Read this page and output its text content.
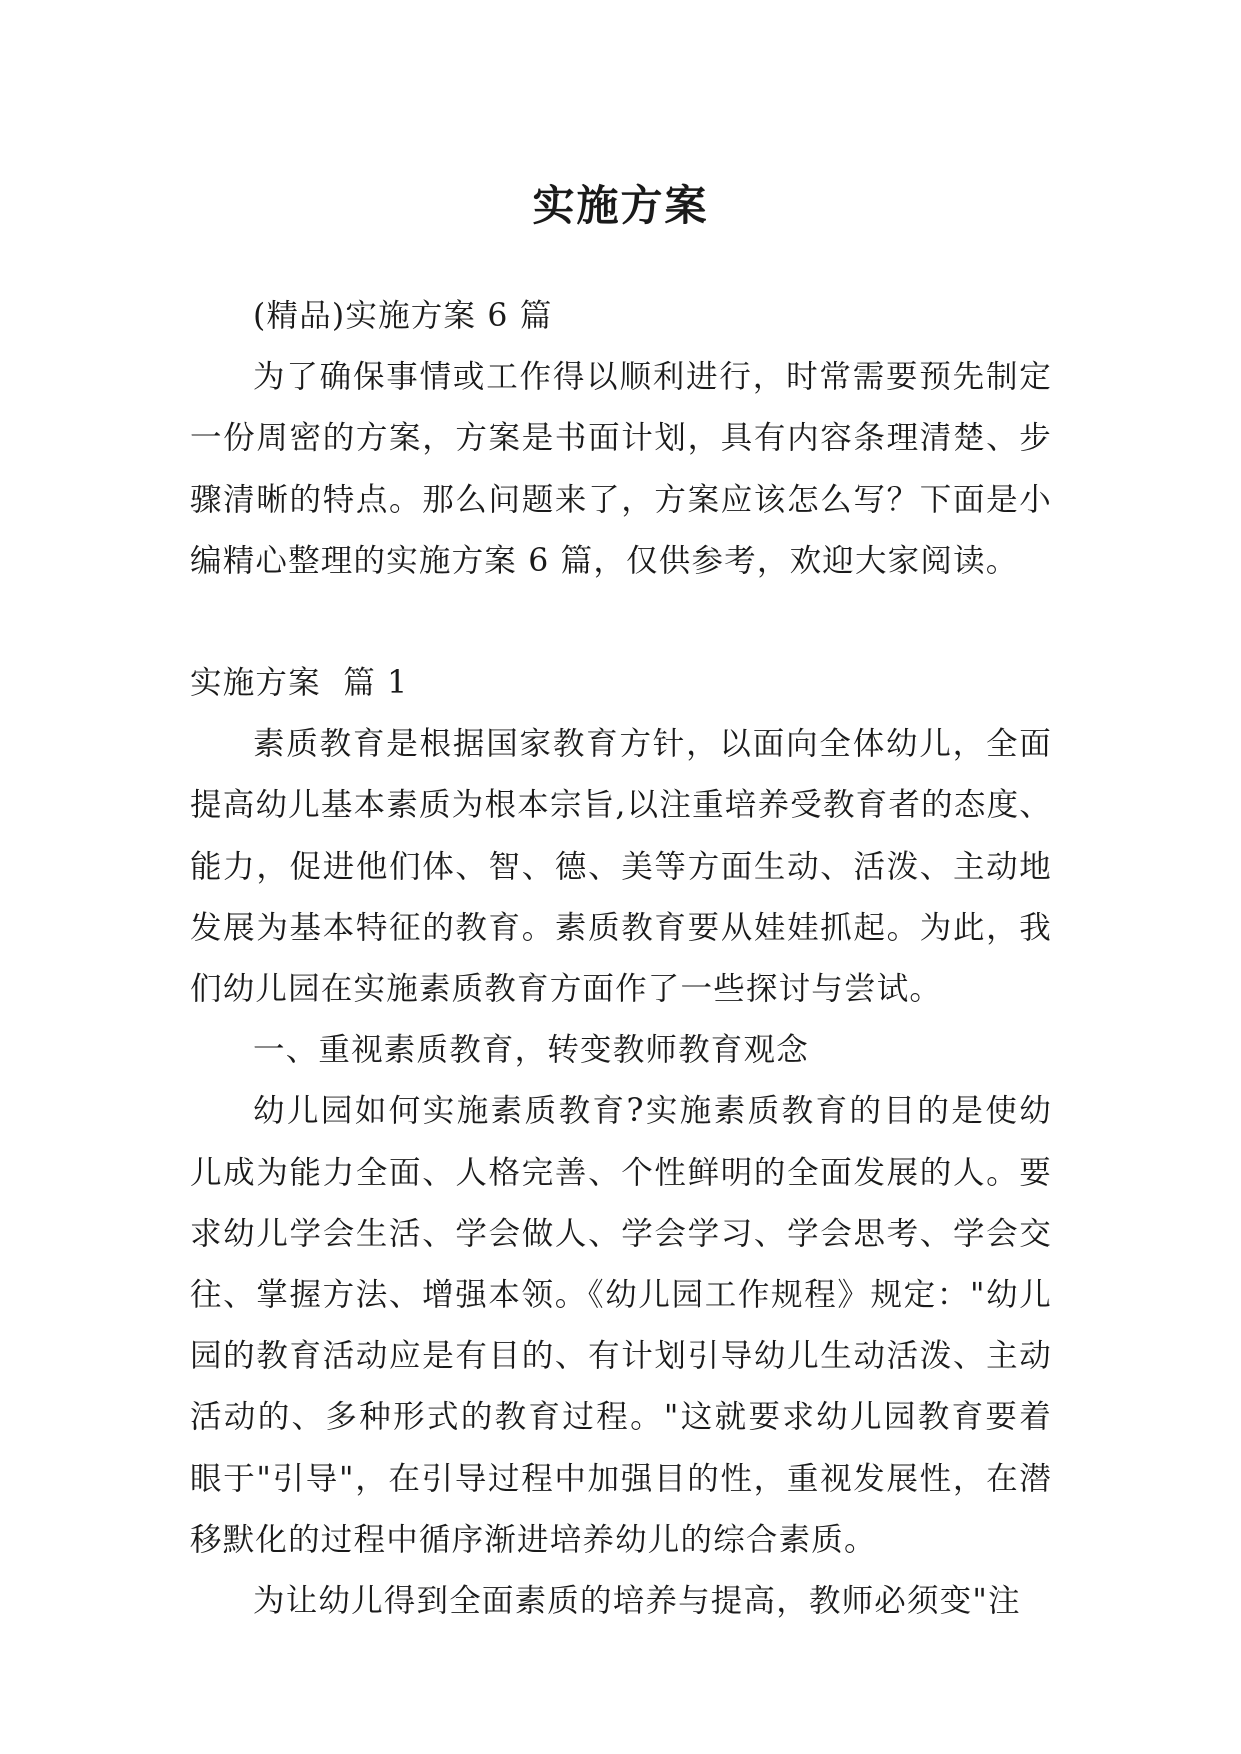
实施方案

(精品)实施方案 6 篇

为了确保事情或工作得以顺利进行，时常需要预先制定一份周密的方案，方案是书面计划，具有内容条理清楚、步骤清晰的特点。那么问题来了，方案应该怎么写？下面是小编精心整理的实施方案 6 篇，仅供参考，欢迎大家阅读。

实施方案  篇 1

素质教育是根据国家教育方针，以面向全体幼儿，全面提高幼儿基本素质为根本宗旨,以注重培养受教育者的态度、能力，促进他们体、智、德、美等方面生动、活泼、主动地发展为基本特征的教育。素质教育要从娃娃抓起。为此，我们幼儿园在实施素质教育方面作了一些探讨与尝试。

一、重视素质教育，转变教师教育观念

幼儿园如何实施素质教育?实施素质教育的目的是使幼儿成为能力全面、人格完善、个性鲜明的全面发展的人。要求幼儿学会生活、学会做人、学会学习、学会思考、学会交往、掌握方法、增强本领。《幼儿园工作规程》规定："幼儿园的教育活动应是有目的、有计划引导幼儿生动活泼、主动活动的、多种形式的教育过程。"这就要求幼儿园教育要着眼于"引导"，在引导过程中加强目的性，重视发展性，在潜移默化的过程中循序渐进培养幼儿的综合素质。

为让幼儿得到全面素质的培养与提高，教师必须变"注
